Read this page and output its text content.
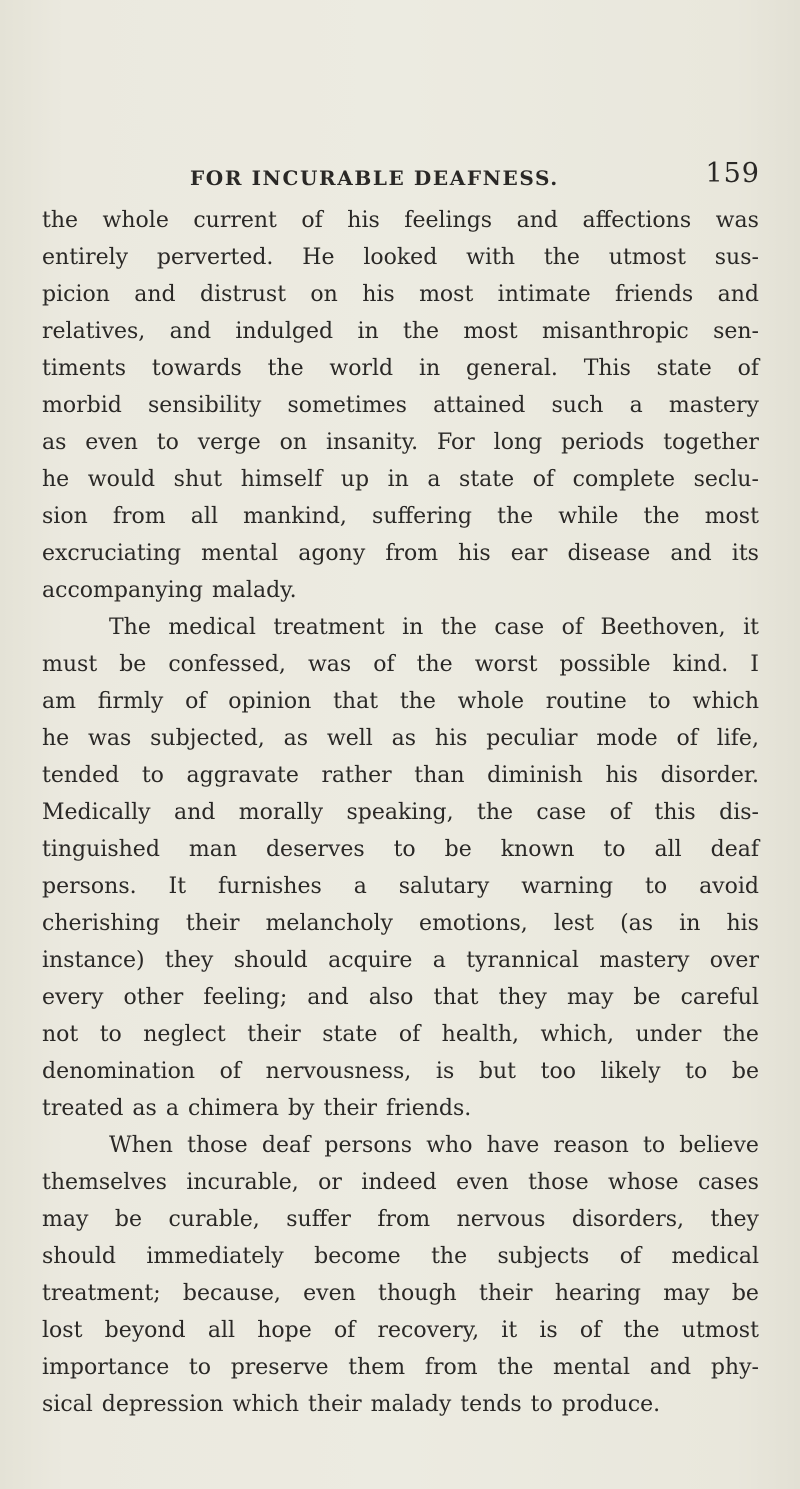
FOR INCURABLE DEAFNESS.	159
the whole current of his feelings and affections was
entirely perverted. He looked with the utmost sus-
picion and distrust on his most intimate friends and
relatives, and indulged in the most misanthropic sen-
timents towards the world in general. This state of
morbid sensibility sometimes attained such a mastery
as even to verge on insanity. For long periods together
he would shut himself up in a state of complete seclu-
sion from all mankind, suffering the while the most
excruciating mental agony from his ear disease and its
accompanying malady.
The medical treatment in the case of Beethoven, it
must be confessed, was of the worst possible kind. I
am firmly of opinion that the whole routine to which
he was subjected, as well as his peculiar mode of life,
tended to aggravate rather than diminish his disorder.
Medically and morally speaking, the case of this dis-
tinguished man deserves to be known to all deaf
persons. It furnishes a salutary warning to avoid
cherishing their melancholy emotions, lest (as in his
instance) they should acquire a tyrannical mastery over
every other feeling; and also that they may be careful
not to neglect their state of health, which, under the
denomination of nervousness, is but too likely to be
treated as a chimera by their friends.
When those deaf persons who have reason to believe
themselves incurable, or indeed even those whose cases
may be curable, suffer from nervous disorders, they
should immediately become the subjects of medical
treatment; because, even though their hearing may be
lost beyond all hope of recovery, it is of the utmost
importance to preserve them from the mental and phy-
sical depression which their malady tends to produce.
